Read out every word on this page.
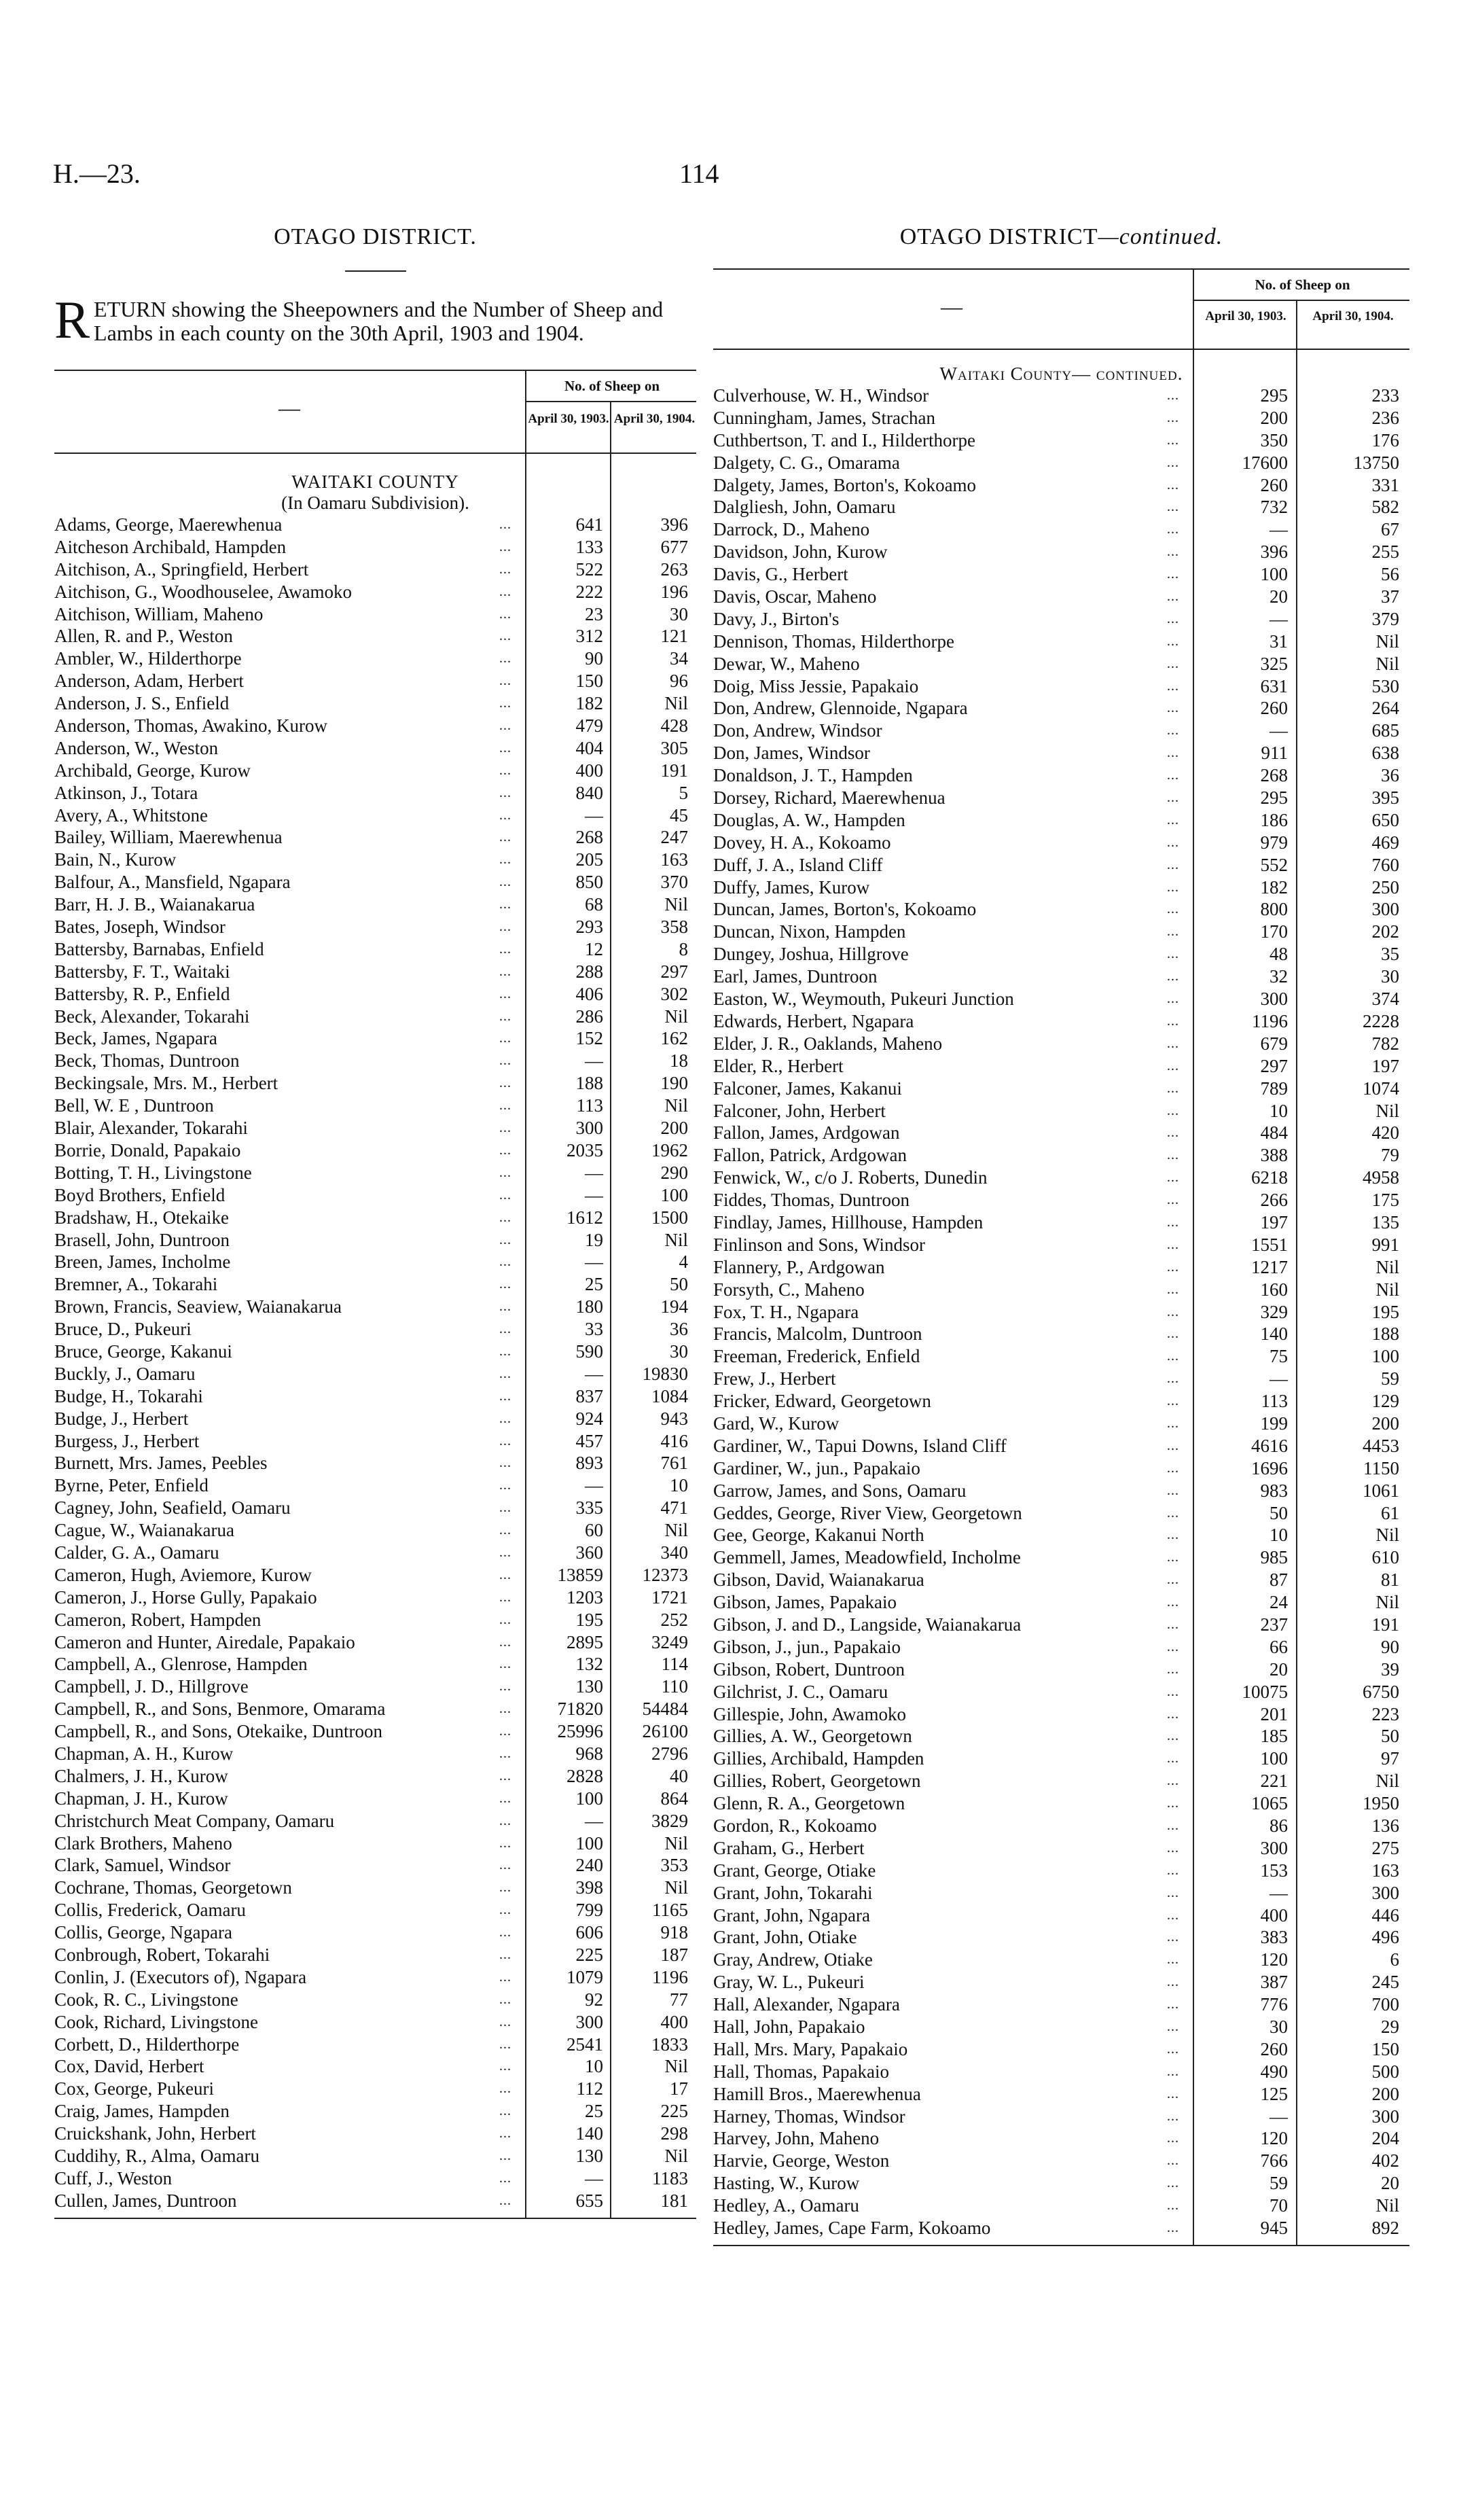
H.—23.	114
OTAGO DISTRICT.
RETURN showing the Sheepowners and the Number of Sheep and Lambs in each county on the 30th April, 1903 and 1904.
—
No. of Sheep on
April 30, 1903. April 30, 1904.
WAITAKI COUNTY
(In Oamaru Subdivision).
Adams, George, Maerewhenua	...	641	396
Aitcheson Archibald, Hampden	...	133	677
Aitchison, A., Springfield, Herbert	...	522	263
Aitchison, G., Woodhouselee, Awamoko	...	222	196
Aitchison, William, Maheno	...	23	30
Allen, R. and P., Weston	...	312	121
Ambler, W., Hilderthorpe	...	90	34
Anderson, Adam, Herbert	...	150	96
Anderson, J. S., Enfield	...	182	Nil
Anderson, Thomas, Awakino, Kurow	...	479	428
Anderson, W., Weston	...	404	305
Archibald, George, Kurow	...	400	191
Atkinson, J., Totara	...	840	5
Avery, A., Whitstone	...	—	45
Bailey, William, Maerewhenua	...	268	247
Bain, N., Kurow	...	205	163
Balfour, A., Mansfield, Ngapara	...	850	370
Barr, H. J. B., Waianakarua	...	68	Nil
Bates, Joseph, Windsor	...	293	358
Battersby, Barnabas, Enfield	...	12	8
Battersby, F. T., Waitaki	...	288	297
Battersby, R. P., Enfield	...	406	302
Beck, Alexander, Tokarahi	...	286	Nil
Beck, James, Ngapara	...	152	162
Beck, Thomas, Duntroon	...	—	18
Beckingsale, Mrs. M., Herbert	...	188	190
Bell, W. E , Duntroon	...	113	Nil
Blair, Alexander, Tokarahi	...	300	200
Borrie, Donald, Papakaio	...	2035	1962
Botting, T. H., Livingstone	...	—	290
Boyd Brothers, Enfield	...	—	100
Bradshaw, H., Otekaike	...	1612	1500
Brasell, John, Duntroon	...	19	Nil
Breen, James, Incholme	...	—	4
Bremner, A., Tokarahi	...	25	50
Brown, Francis, Seaview, Waianakarua	...	180	194
Bruce, D., Pukeuri	...	33	36
Bruce, George, Kakanui	...	590	30
Buckly, J., Oamaru	...	—	19830
Budge, H., Tokarahi	...	837	1084
Budge, J., Herbert	...	924	943
Burgess, J., Herbert	...	457	416
Burnett, Mrs. James, Peebles	...	893	761
Byrne, Peter, Enfield	...	—	10
Cagney, John, Seafield, Oamaru	...	335	471
Cague, W., Waianakarua	...	60	Nil
Calder, G. A., Oamaru	...	360	340
Cameron, Hugh, Aviemore, Kurow	...	13859	12373
Cameron, J., Horse Gully, Papakaio	...	1203	1721
Cameron, Robert, Hampden	...	195	252
Cameron and Hunter, Airedale, Papakaio	...	2895	3249
Campbell, A., Glenrose, Hampden	...	132	114
Campbell, J. D., Hillgrove	...	130	110
Campbell, R., and Sons, Benmore, Omarama	...	71820	54484
Campbell, R., and Sons, Otekaike, Duntroon	...	25996	26100
Chapman, A. H., Kurow	...	968	2796
Chalmers, J. H., Kurow	...	2828	40
Chapman, J. H., Kurow	...	100	864
Christchurch Meat Company, Oamaru	...	—	3829
Clark Brothers, Maheno	...	100	Nil
Clark, Samuel, Windsor	...	240	353
Cochrane, Thomas, Georgetown	...	398	Nil
Collis, Frederick, Oamaru	...	799	1165
Collis, George, Ngapara	...	606	918
Conbrough, Robert, Tokarahi	...	225	187
Conlin, J. (Executors of), Ngapara	...	1079	1196
Cook, R. C., Livingstone	...	92	77
Cook, Richard, Livingstone	...	300	400
Corbett, D., Hilderthorpe	...	2541	1833
Cox, David, Herbert	...	10	Nil
Cox, George, Pukeuri	...	112	17
Craig, James, Hampden	...	25	225
Cruickshank, John, Herbert	...	140	298
Cuddihy, R., Alma, Oamaru	...	130	Nil
Cuff, J., Weston	...	—	1183
Cullen, James, Duntroon	...	655	181
OTAGO DISTRICT—continued.
—
No. of Sheep on
April 30, 1903.	April 30, 1904.
Waitaki County— continued.
Culverhouse, W. H., Windsor	...	295	233
Cunningham, James, Strachan	...	200	236
Cuthbertson, T. and I., Hilderthorpe	...	350	176
Dalgety, C. G., Omarama	...	17600	13750
Dalgety, James, Borton's, Kokoamo	...	260	331
Dalgliesh, John, Oamaru	...	732	582
Darrock, D., Maheno	...	—	67
Davidson, John, Kurow	...	396	255
Davis, G., Herbert	...	100	56
Davis, Oscar, Maheno	...	20	37
Davy, J., Birton's	...	—	379
Dennison, Thomas, Hilderthorpe	...	31	Nil
Dewar, W., Maheno	...	325	Nil
Doig, Miss Jessie, Papakaio	...	631	530
Don, Andrew, Glennoide, Ngapara	...	260	264
Don, Andrew, Windsor	...	—	685
Don, James, Windsor	...	911	638
Donaldson, J. T., Hampden	...	268	36
Dorsey, Richard, Maerewhenua	...	295	395
Douglas, A. W., Hampden	...	186	650
Dovey, H. A., Kokoamo	...	979	469
Duff, J. A., Island Cliff	...	552	760
Duffy, James, Kurow	...	182	250
Duncan, James, Borton's, Kokoamo	...	800	300
Duncan, Nixon, Hampden	...	170	202
Dungey, Joshua, Hillgrove	...	48	35
Earl, James, Duntroon	...	32	30
Easton, W., Weymouth, Pukeuri Junction	...	300	374
Edwards, Herbert, Ngapara	...	1196	2228
Elder, J. R., Oaklands, Maheno	...	679	782
Elder, R., Herbert	...	297	197
Falconer, James, Kakanui	...	789	1074
Falconer, John, Herbert	...	10	Nil
Fallon, James, Ardgowan	...	484	420
Fallon, Patrick, Ardgowan	...	388	79
Fenwick, W., c/o J. Roberts, Dunedin	...	6218	4958
Fiddes, Thomas, Duntroon	...	266	175
Findlay, James, Hillhouse, Hampden	...	197	135
Finlinson and Sons, Windsor	...	1551	991
Flannery, P., Ardgowan	...	1217	Nil
Forsyth, C., Maheno	...	160	Nil
Fox, T. H., Ngapara	...	329	195
Francis, Malcolm, Duntroon	...	140	188
Freeman, Frederick, Enfield	...	75	100
Frew, J., Herbert	...	—	59
Fricker, Edward, Georgetown	...	113	129
Gard, W., Kurow	...	199	200
Gardiner, W., Tapui Downs, Island Cliff	...	4616	4453
Gardiner, W., jun., Papakaio	...	1696	1150
Garrow, James, and Sons, Oamaru	...	983	1061
Geddes, George, River View, Georgetown	...	50	61
Gee, George, Kakanui North	...	10	Nil
Gemmell, James, Meadowfield, Incholme	...	985	610
Gibson, David, Waianakarua	...	87	81
Gibson, James, Papakaio	...	24	Nil
Gibson, J. and D., Langside, Waianakarua	...	237	191
Gibson, J., jun., Papakaio	...	66	90
Gibson, Robert, Duntroon	...	20	39
Gilchrist, J. C., Oamaru	...	10075	6750
Gillespie, John, Awamoko	...	201	223
Gillies, A. W., Georgetown	...	185	50
Gillies, Archibald, Hampden	...	100	97
Gillies, Robert, Georgetown	...	221	Nil
Glenn, R. A., Georgetown	...	1065	1950
Gordon, R., Kokoamo	...	86	136
Graham, G., Herbert	...	300	275
Grant, George, Otiake	...	153	163
Grant, John, Tokarahi	...	—	300
Grant, John, Ngapara	...	400	446
Grant, John, Otiake	...	383	496
Gray, Andrew, Otiake	...	120	6
Gray, W. L., Pukeuri	...	387	245
Hall, Alexander, Ngapara	...	776	700
Hall, John, Papakaio	...	30	29
Hall, Mrs. Mary, Papakaio	...	260	150
Hall, Thomas, Papakaio	...	490	500
Hamill Bros., Maerewhenua	...	125	200
Harney, Thomas, Windsor	...	—	300
Harvey, John, Maheno	...	120	204
Harvie, George, Weston	...	766	402
Hasting, W., Kurow	...	59	20
Hedley, A., Oamaru	...	70	Nil
Hedley, James, Cape Farm, Kokoamo	...	945	892
